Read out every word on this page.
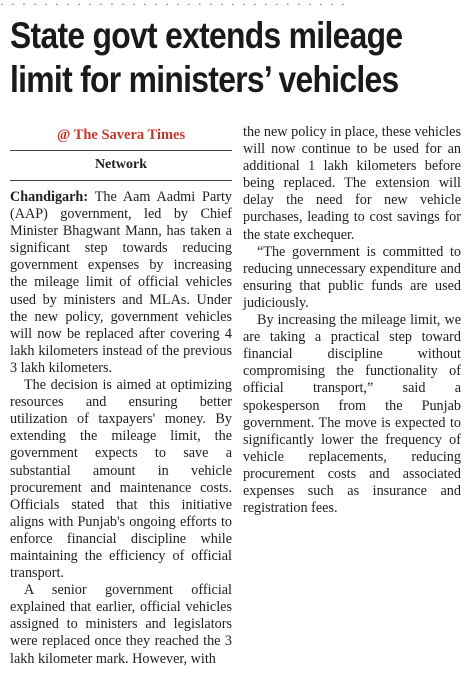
· · · · · · · · · · · · · · · · · · · · · · · · · · · · · · · ·
State govt extends mileage limit for ministers’ vehicles
@ The Savera Times
Network

Chandigarh: The Aam Aadmi Party (AAP) government, led by Chief Minister Bhagwant Mann, has taken a significant step towards reducing government expenses by increasing the mileage limit of official vehicles used by ministers and MLAs. Under the new policy, government vehicles will now be replaced after covering 4 lakh kilometers instead of the previous 3 lakh kilometers.

The decision is aimed at optimizing resources and ensuring better utilization of taxpayers' money. By extending the mileage limit, the government expects to save a substantial amount in vehicle procurement and maintenance costs. Officials stated that this initiative aligns with Punjab's ongoing efforts to enforce financial discipline while maintaining the efficiency of official transport.

A senior government official explained that earlier, official vehicles assigned to ministers and legislators were replaced once they reached the 3 lakh kilometer mark. However, with

the new policy in place, these vehicles will now continue to be used for an additional 1 lakh kilometers before being replaced. The extension will delay the need for new vehicle purchases, leading to cost savings for the state exchequer.

“The government is committed to reducing unnecessary expenditure and ensuring that public funds are used judiciously.

By increasing the mileage limit, we are taking a practical step toward financial discipline without compromising the functionality of official transport,” said a spokesperson from the Punjab government. The move is expected to significantly lower the frequency of vehicle replacements, reducing procurement costs and associated expenses such as insurance and registration fees.
